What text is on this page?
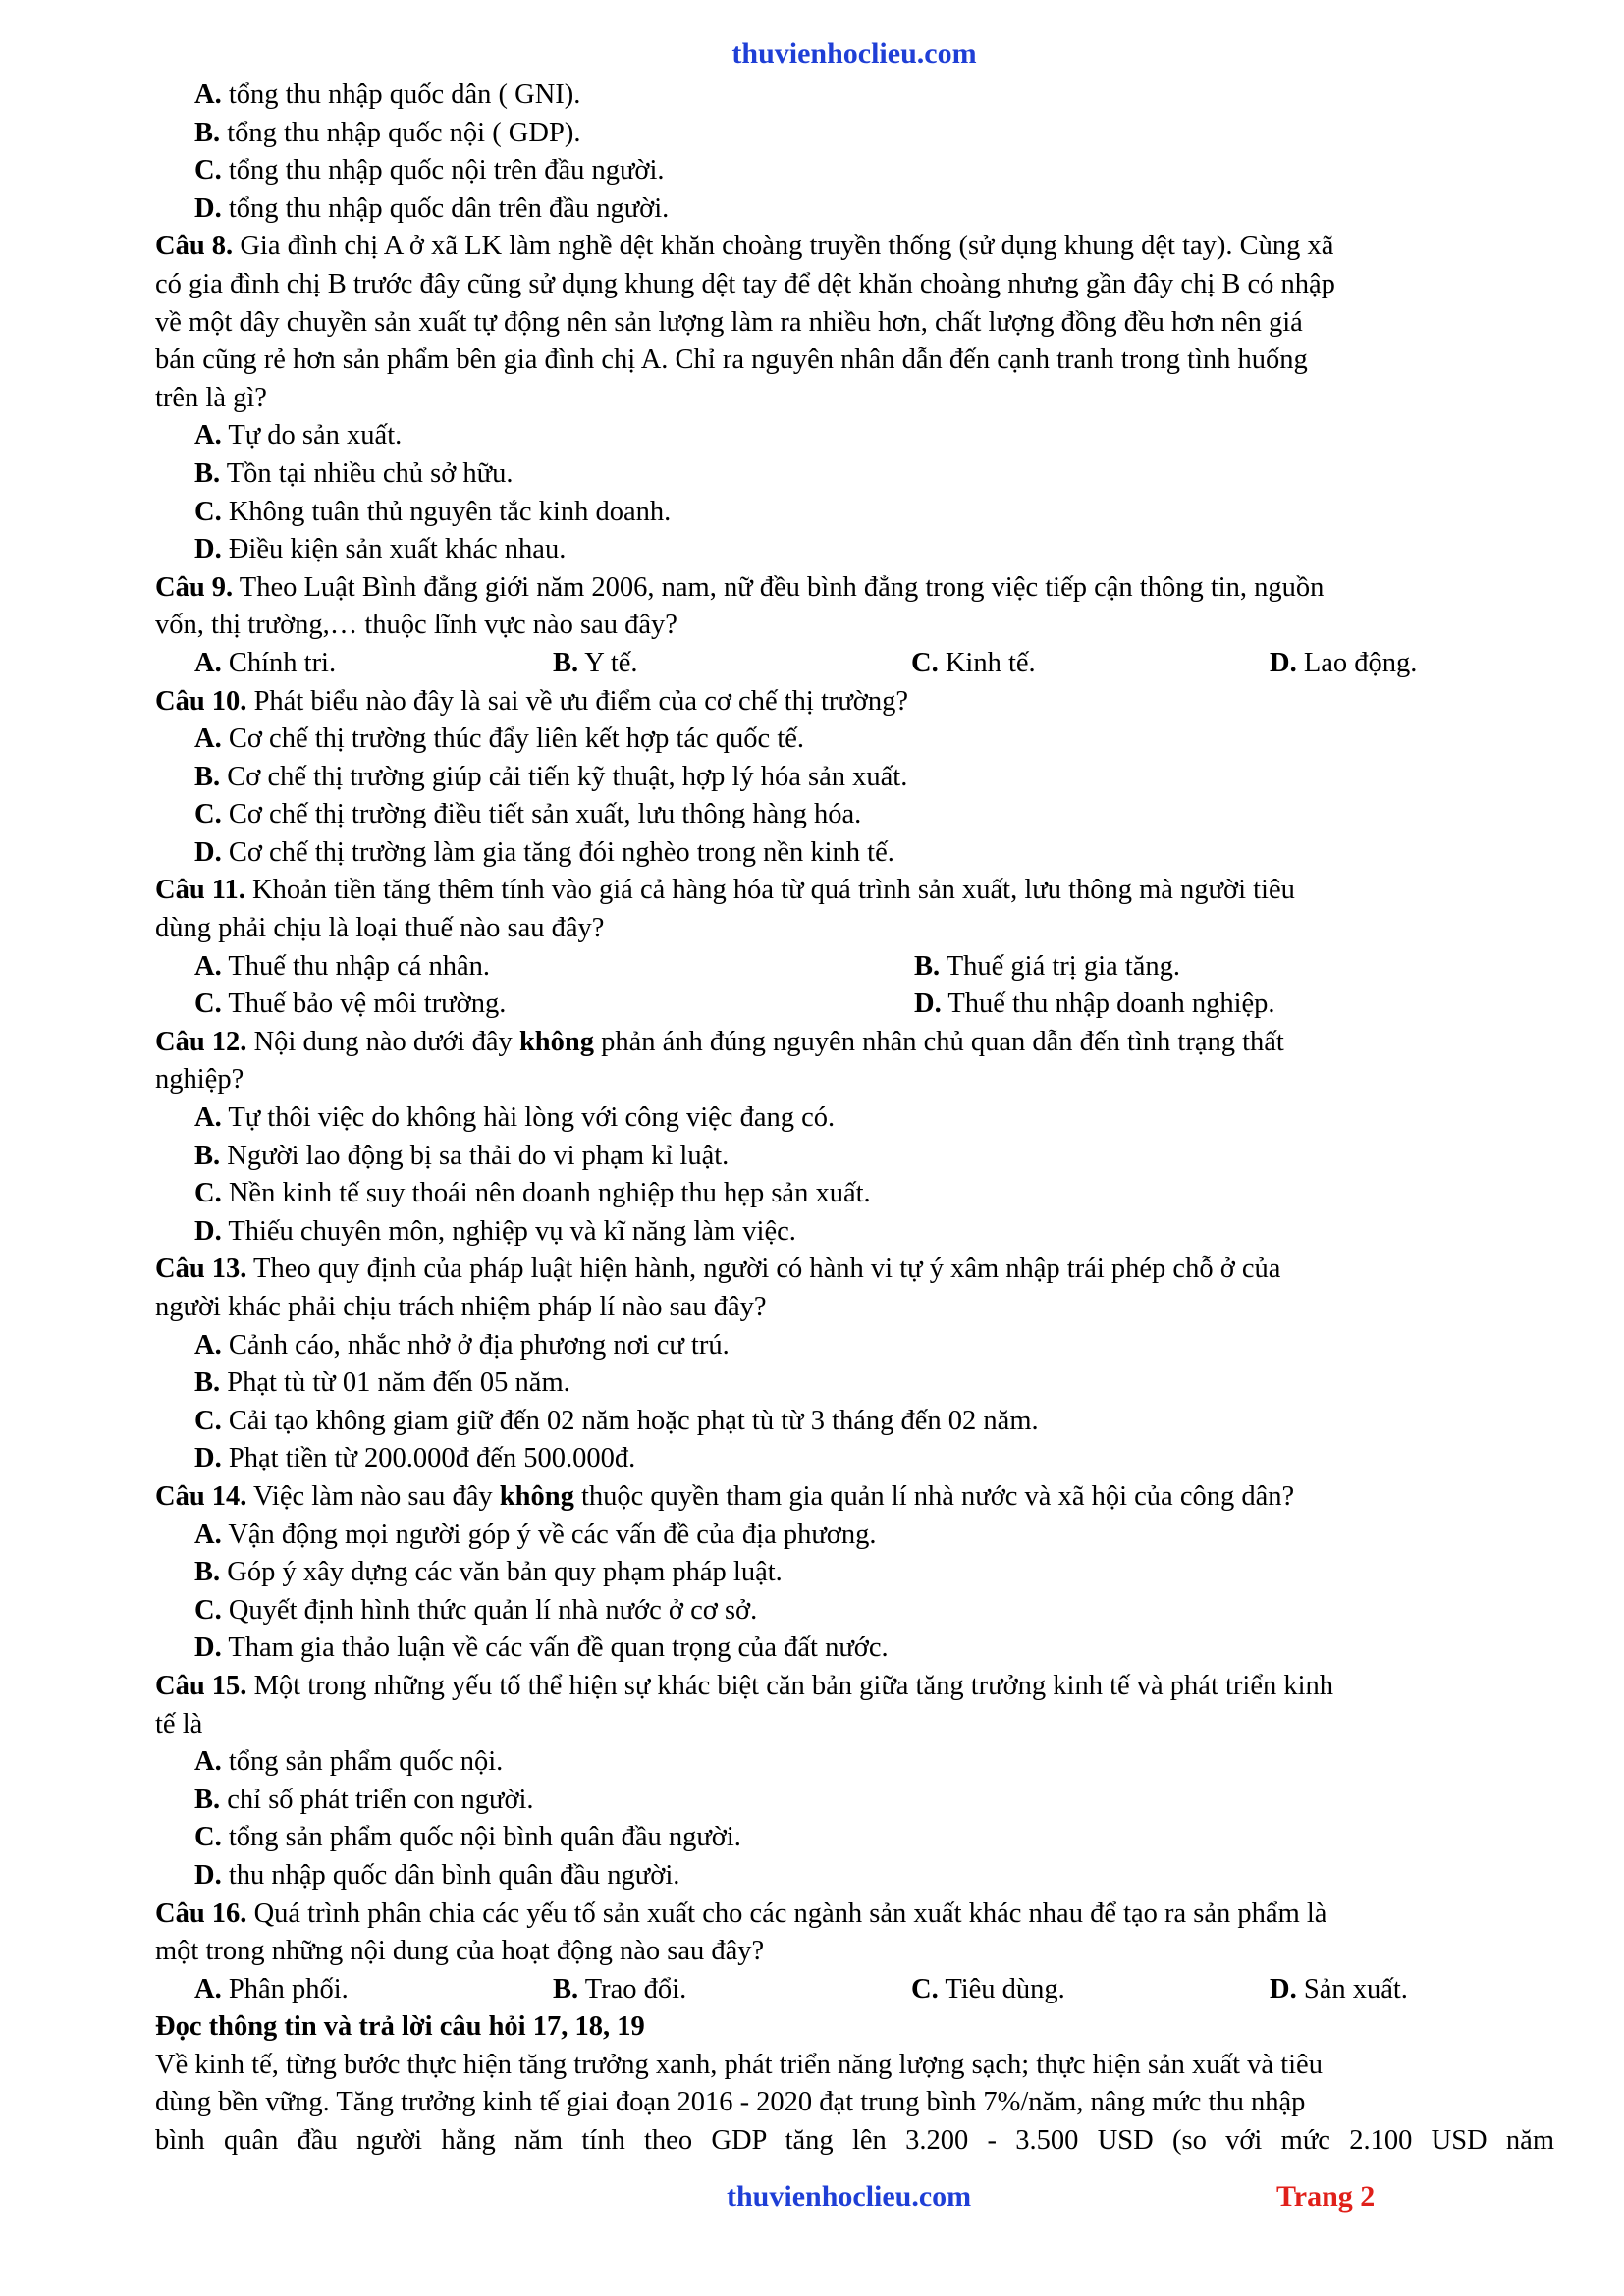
thuvienhoclieu.com
A. tổng thu nhập quốc dân ( GNI).
B. tổng thu nhập quốc nội ( GDP).
C. tổng thu nhập quốc nội trên đầu người.
D. tổng thu nhập quốc dân trên đầu người.
Câu 8. Gia đình chị A ở xã LK làm nghề dệt khăn choàng truyền thống (sử dụng khung dệt tay). Cùng xã
có gia đình chị B trước đây cũng sử dụng khung dệt tay để dệt khăn choàng nhưng gần đây chị B có nhập
về một dây chuyền sản xuất tự động nên sản lượng làm ra nhiều hơn, chất lượng đồng đều hơn nên giá
bán cũng rẻ hơn sản phẩm bên gia đình chị A. Chỉ ra nguyên nhân dẫn đến cạnh tranh trong tình huống
trên là gì?
A. Tự do sản xuất.
B. Tồn tại nhiều chủ sở hữu.
C. Không tuân thủ nguyên tắc kinh doanh.
D. Điều kiện sản xuất khác nhau.
Câu 9. Theo Luật Bình đẳng giới năm 2006, nam, nữ đều bình đẳng trong việc tiếp cận thông tin, nguồn
vốn, thị trường,… thuộc lĩnh vực nào sau đây?
A. Chính tri.	B. Y tế.	C. Kinh tế.	D. Lao động.
Câu 10. Phát biểu nào đây là sai về ưu điểm của cơ chế thị trường?
A. Cơ chế thị trường thúc đẩy liên kết hợp tác quốc tế.
B. Cơ chế thị trường giúp cải tiến kỹ thuật, hợp lý hóa sản xuất.
C. Cơ chế thị trường điều tiết sản xuất, lưu thông hàng hóa.
D. Cơ chế thị trường làm gia tăng đói nghèo trong nền kinh tế.
Câu 11. Khoản tiền tăng thêm tính vào giá cả hàng hóa từ quá trình sản xuất, lưu thông mà người tiêu
dùng phải chịu là loại thuế nào sau đây?
A. Thuế thu nhập cá nhân.	B. Thuế giá trị gia tăng.
C. Thuế bảo vệ môi trường.	D. Thuế thu nhập doanh nghiệp.
Câu 12. Nội dung nào dưới đây không phản ánh đúng nguyên nhân chủ quan dẫn đến tình trạng thất
nghiệp?
A. Tự thôi việc do không hài lòng với công việc đang có.
B. Người lao động bị sa thải do vi phạm kỉ luật.
C. Nền kinh tế suy thoái nên doanh nghiệp thu hẹp sản xuất.
D. Thiếu chuyên môn, nghiệp vụ và kĩ năng làm việc.
Câu 13. Theo quy định của pháp luật hiện hành, người có hành vi tự ý xâm nhập trái phép chỗ ở của
người khác phải chịu trách nhiệm pháp lí nào sau đây?
A. Cảnh cáo, nhắc nhở ở địa phương nơi cư trú.
B. Phạt tù từ 01 năm đến 05 năm.
C. Cải tạo không giam giữ đến 02 năm hoặc phạt tù từ 3 tháng đến 02 năm.
D. Phạt tiền từ 200.000đ đến 500.000đ.
Câu 14. Việc làm nào sau đây không thuộc quyền tham gia quản lí nhà nước và xã hội của công dân?
A. Vận động mọi người góp ý về các vấn đề của địa phương.
B. Góp ý xây dựng các văn bản quy phạm pháp luật.
C. Quyết định hình thức quản lí nhà nước ở cơ sở.
D. Tham gia thảo luận về các vấn đề quan trọng của đất nước.
Câu 15. Một trong những yếu tố thể hiện sự khác biệt căn bản giữa tăng trưởng kinh tế và phát triển kinh
tế là
A. tổng sản phẩm quốc nội.
B. chỉ số phát triển con người.
C. tổng sản phẩm quốc nội bình quân đầu người.
D. thu nhập quốc dân bình quân đầu người.
Câu 16. Quá trình phân chia các yếu tố sản xuất cho các ngành sản xuất khác nhau để tạo ra sản phẩm là
một trong những nội dung của hoạt động nào sau đây?
A. Phân phối.	B. Trao đổi.	C. Tiêu dùng.	D. Sản xuất.
Đọc thông tin và trả lời câu hỏi 17, 18, 19
Về kinh tế, từng bước thực hiện tăng trưởng xanh, phát triển năng lượng sạch; thực hiện sản xuất và tiêu
dùng bền vững. Tăng trưởng kinh tế giai đoạn 2016 - 2020 đạt trung bình 7%/năm, nâng mức thu nhập
bình quân đầu người hằng năm tính theo GDP tăng lên 3.200 - 3.500 USD (so với mức 2.100 USD năm
thuvienhoclieu.com	Trang 2
